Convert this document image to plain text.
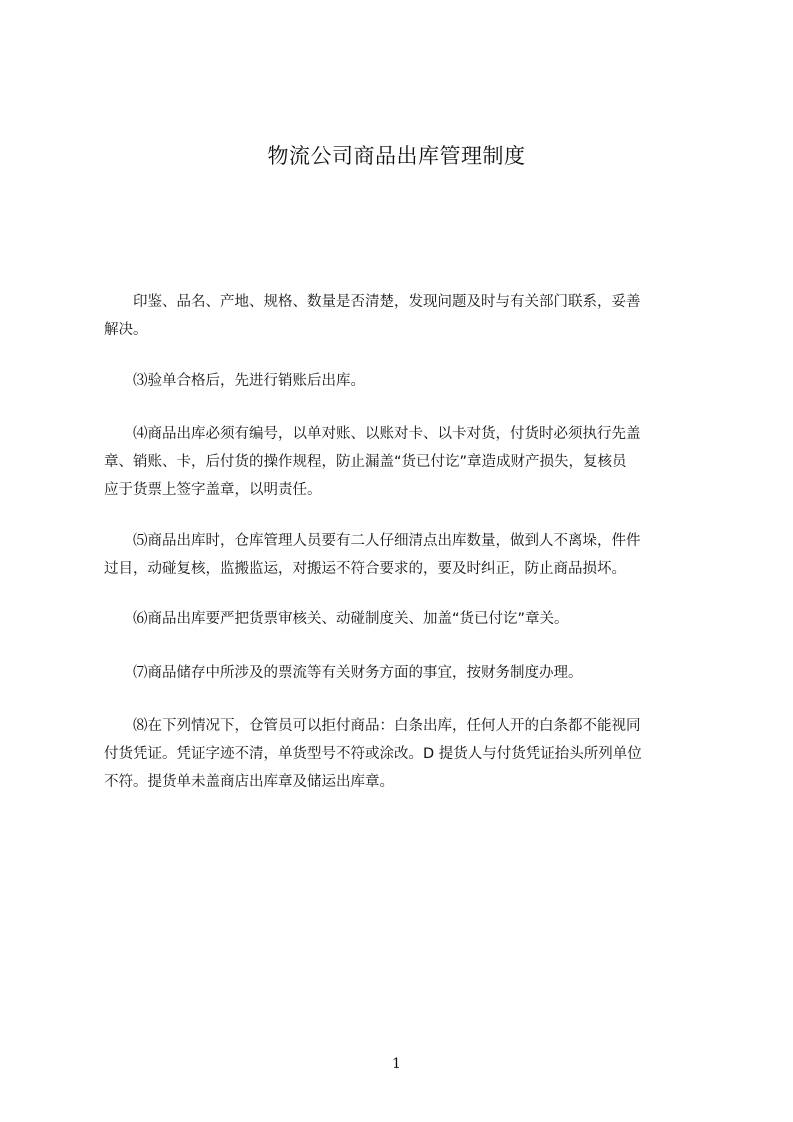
物流公司商品出库管理制度
　　印鉴、品名、产地、规格、数量是否清楚，发现问题及时与有关部门联系，妥善
解决。
　　⑶验单合格后，先进行销账后出库。
　　⑷商品出库必须有编号，以单对账、以账对卡、以卡对货，付货时必须执行先盖
章、销账、卡，后付货的操作规程，防止漏盖“货已付讫”章造成财产损失，复核员
应于货票上签字盖章，以明责任。
　　⑸商品出库时，仓库管理人员要有二人仔细清点出库数量，做到人不离垛，件件
过目，动碰复核，监搬监运，对搬运不符合要求的，要及时纠正，防止商品损坏。
　　⑹商品出库要严把货票审核关、动碰制度关、加盖“货已付讫”章关。
　　⑺商品储存中所涉及的票流等有关财务方面的事宜，按财务制度办理。
　　⑻在下列情况下，仓管员可以拒付商品：白条出库，任何人开的白条都不能视同
付货凭证。凭证字迹不清，单货型号不符或涂改。D 提货人与付货凭证抬头所列单位
不符。提货单未盖商店出库章及储运出库章。
1
